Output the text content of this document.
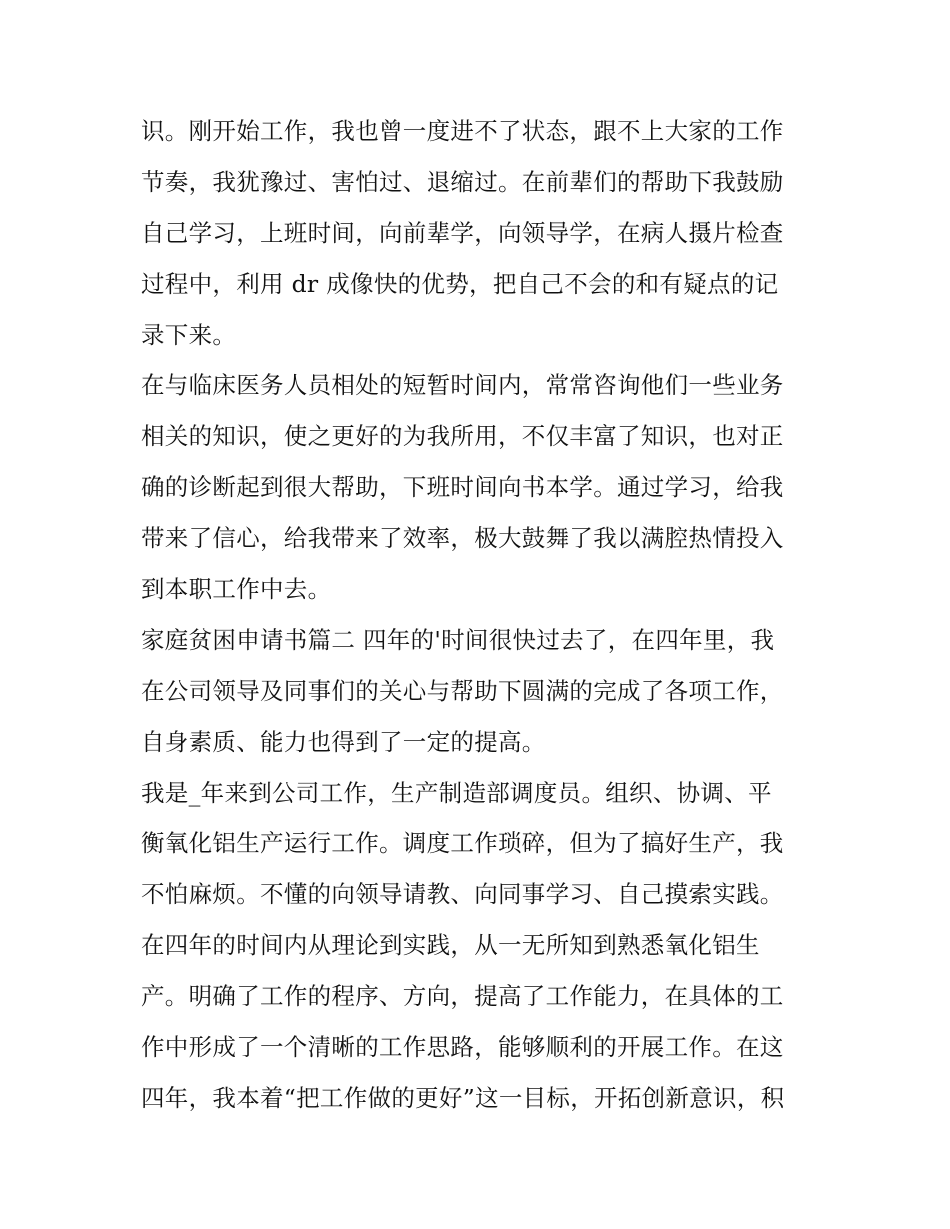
识。刚开始工作，我也曾一度进不了状态，跟不上大家的工作
节奏，我犹豫过、害怕过、退缩过。在前辈们的帮助下我鼓励
自己学习，上班时间，向前辈学，向领导学，在病人摄片检查
过程中，利用 dr 成像快的优势，把自己不会的和有疑点的记
录下来。
在与临床医务人员相处的短暂时间内，常常咨询他们一些业务
相关的知识，使之更好的为我所用，不仅丰富了知识，也对正
确的诊断起到很大帮助，下班时间向书本学。通过学习，给我
带来了信心，给我带来了效率，极大鼓舞了我以满腔热情投入
到本职工作中去。
家庭贫困申请书篇二 四年的'时间很快过去了，在四年里，我
在公司领导及同事们的关心与帮助下圆满的完成了各项工作，
自身素质、能力也得到了一定的提高。
我是_年来到公司工作，生产制造部调度员。组织、协调、平
衡氧化铝生产运行工作。调度工作琐碎，但为了搞好生产，我
不怕麻烦。不懂的向领导请教、向同事学习、自己摸索实践。
在四年的时间内从理论到实践，从一无所知到熟悉氧化铝生
产。明确了工作的程序、方向，提高了工作能力，在具体的工
作中形成了一个清晰的工作思路，能够顺利的开展工作。在这
四年，我本着“把工作做的更好”这一目标，开拓创新意识，积
